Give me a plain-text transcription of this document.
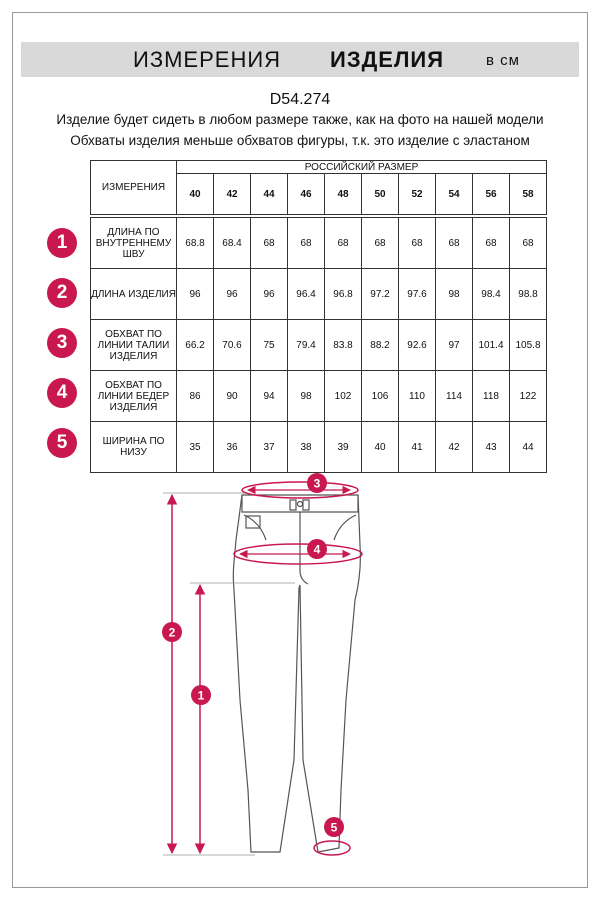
ИЗМЕРЕНИЯ ИЗДЕЛИЯ	в см
D54.274
Изделие будет сидеть в любом размере также, как на фото на нашей модели
Обхваты изделия меньше обхватов фигуры, т.к. это изделие с эластаном
ИЗМЕРЕНИЯ	РОССИЙСКИЙ РАЗМЕР									
	40	42	44	46	48	50	52	54	56	58

ДЛИНА ПО ВНУТРЕННЕМУ ШВУ	68.8	68.4	68	68	68	68	68	68	68	68
ДЛИНА ИЗДЕЛИЯ	96	96	96	96.4	96.8	97.2	97.6	98	98.4	98.8
ОБХВАТ ПО ЛИНИИ ТАЛИИ ИЗДЕЛИЯ	66.2	70.6	75	79.4	83.8	88.2	92.6	97	101.4	105.8
ОБХВАТ ПО ЛИНИИ БЕДЕР ИЗДЕЛИЯ	86	90	94	98	102	106	110	114	118	122
ШИРИНА ПО НИЗУ	35	36	37	38	39	40	41	42	43	44
1
2
3
4
5
1
2
3
4
5
